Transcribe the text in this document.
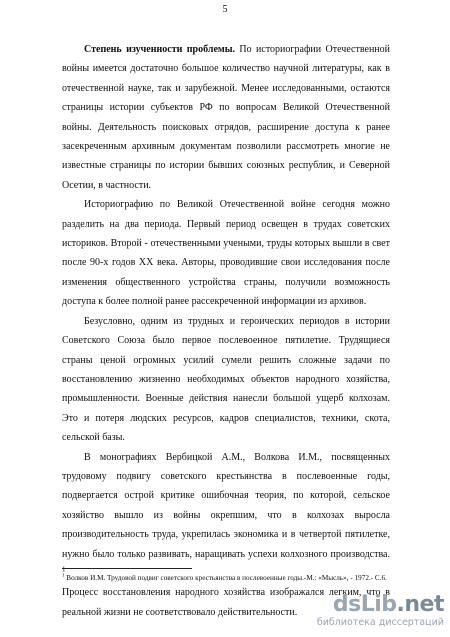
5

Степень изученности проблемы. По историографии Отечественной войны имеется достаточно большое количество научной литературы, как в отечественной науке, так и зарубежной. Менее исследованными, остаются страницы истории субъектов РФ по вопросам Великой Отечественной войны. Деятельность поисковых отрядов, расширение доступа к ранее засекреченным архивным документам позволили рассмотреть многие не известные страницы по истории бывших союзных республик, и Северной Осетии, в частности.

Историографию по Великой Отечественной войне сегодня можно разделить на два периода. Первый период освещен в трудах советских историков. Второй - отечественными учеными, труды которых вышли в свет после 90-х годов XX века. Авторы, проводившие свои исследования после изменения общественного устройства страны, получили возможность доступа к более полной ранее рассекреченной информации из архивов.

Безусловно, одним из трудных и героических периодов в истории Советского Союза было первое послевоенное пятилетие. Трудящиеся страны ценой огромных усилий сумели решить сложные задачи по восстановлению жизненно необходимых объектов народного хозяйства, промышленности. Военные действия нанесли большой ущерб колхозам. Это и потеря людских ресурсов, кадров специалистов, техники, скота, сельской базы.

В монографиях Вербицкой А.М., Волкова И.М., посвященных трудовому подвигу советского крестьянства в послевоенные годы, подвергается острой критике ошибочная теория, по которой, сельское хозяйство вышло из войны окрепшим, что в колхозах выросла производительность труда, укрепилась экономика и в четвертой пятилетке, нужно было только развивать, наращивать успехи колхозного производства. $^1$

Процесс восстановления народного хозяйства изображался легким, что в реальной жизни не соответствовало действительности.

$^1$ Волков И.М. Трудовой подвиг советского крестьянства в послевоенные годы.-М.: «Мысль», - 1972.- С.6.
dsLib.net
библиотека диссертаций
